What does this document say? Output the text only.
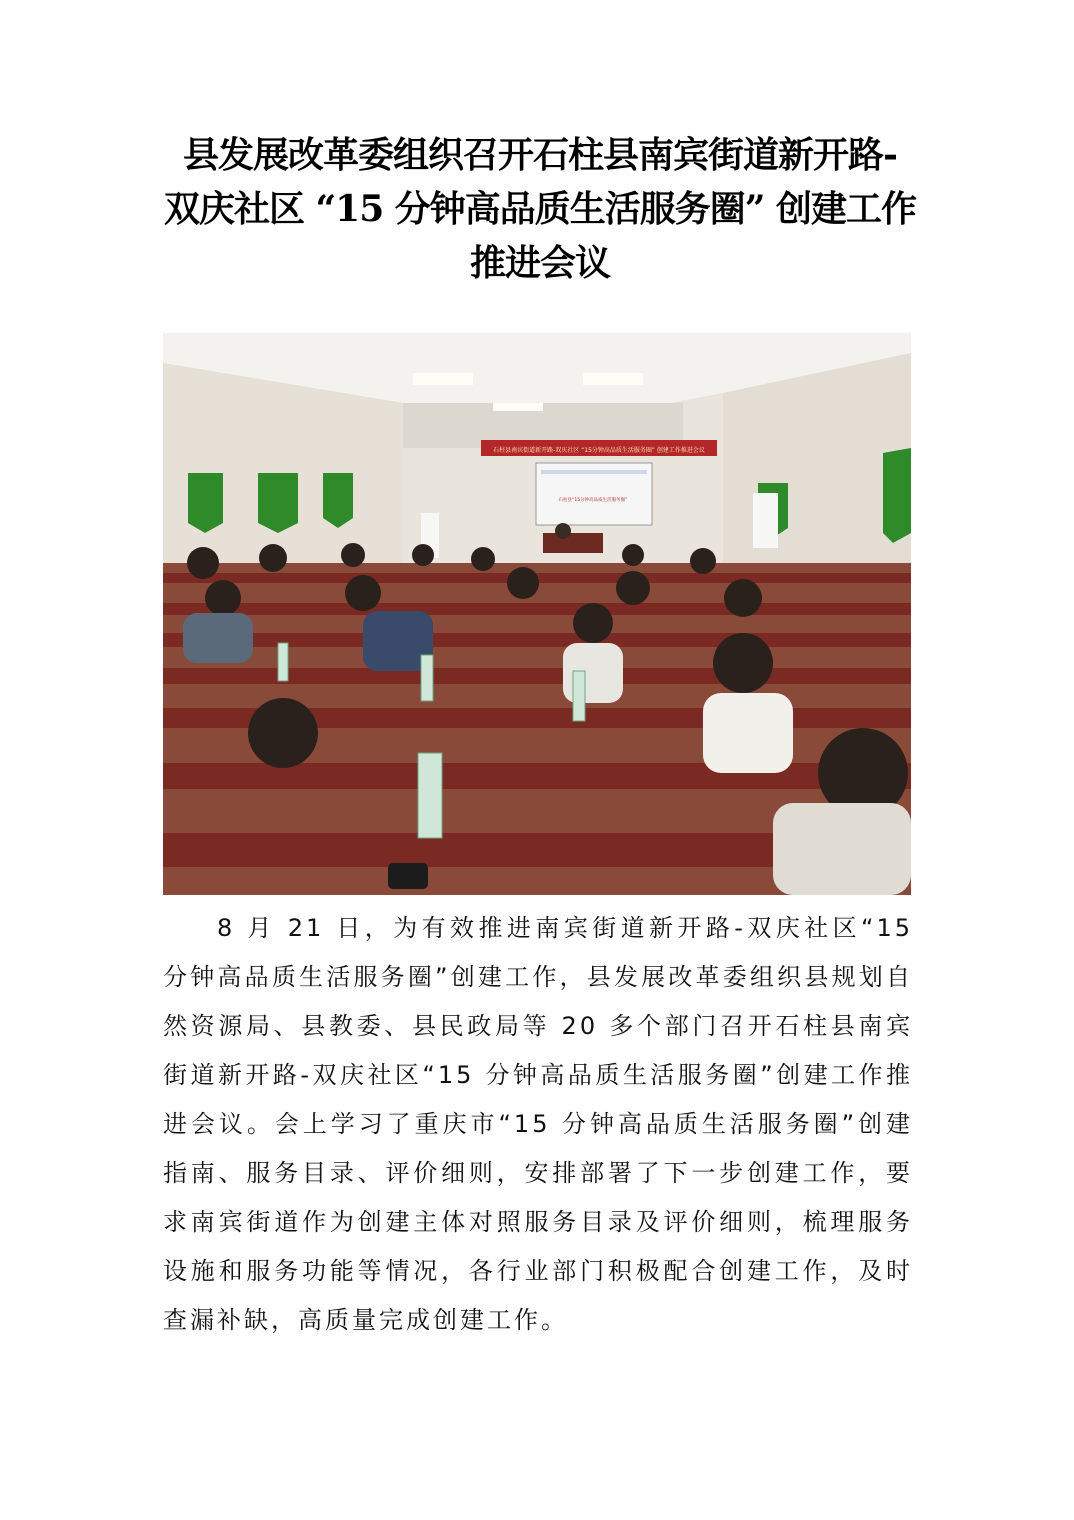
县发展改革委组织召开石柱县南宾街道新开路-
双庆社区 “15 分钟高品质生活服务圈” 创建工作
推进会议
石柱县南宾街道新开路-双庆社区 “15分钟高品质生活服务圈” 创建工作推进会议
石柱县“15分钟高品质生活服务圈”

8 月 21 日，为有效推进南宾街道新开路-双庆社区“15 分钟高品质生活服务圈”创建工作，县发展改革委组织县规划自然资源局、县教委、县民政局等 20 多个部门召开石柱县南宾街道新开路-双庆社区“15 分钟高品质生活服务圈”创建工作推进会议。会上学习了重庆市“15 分钟高品质生活服务圈”创建指南、服务目录、评价细则，安排部署了下一步创建工作，要求南宾街道作为创建主体对照服务目录及评价细则，梳理服务设施和服务功能等情况，各行业部门积极配合创建工作，及时查漏补缺，高质量完成创建工作。
